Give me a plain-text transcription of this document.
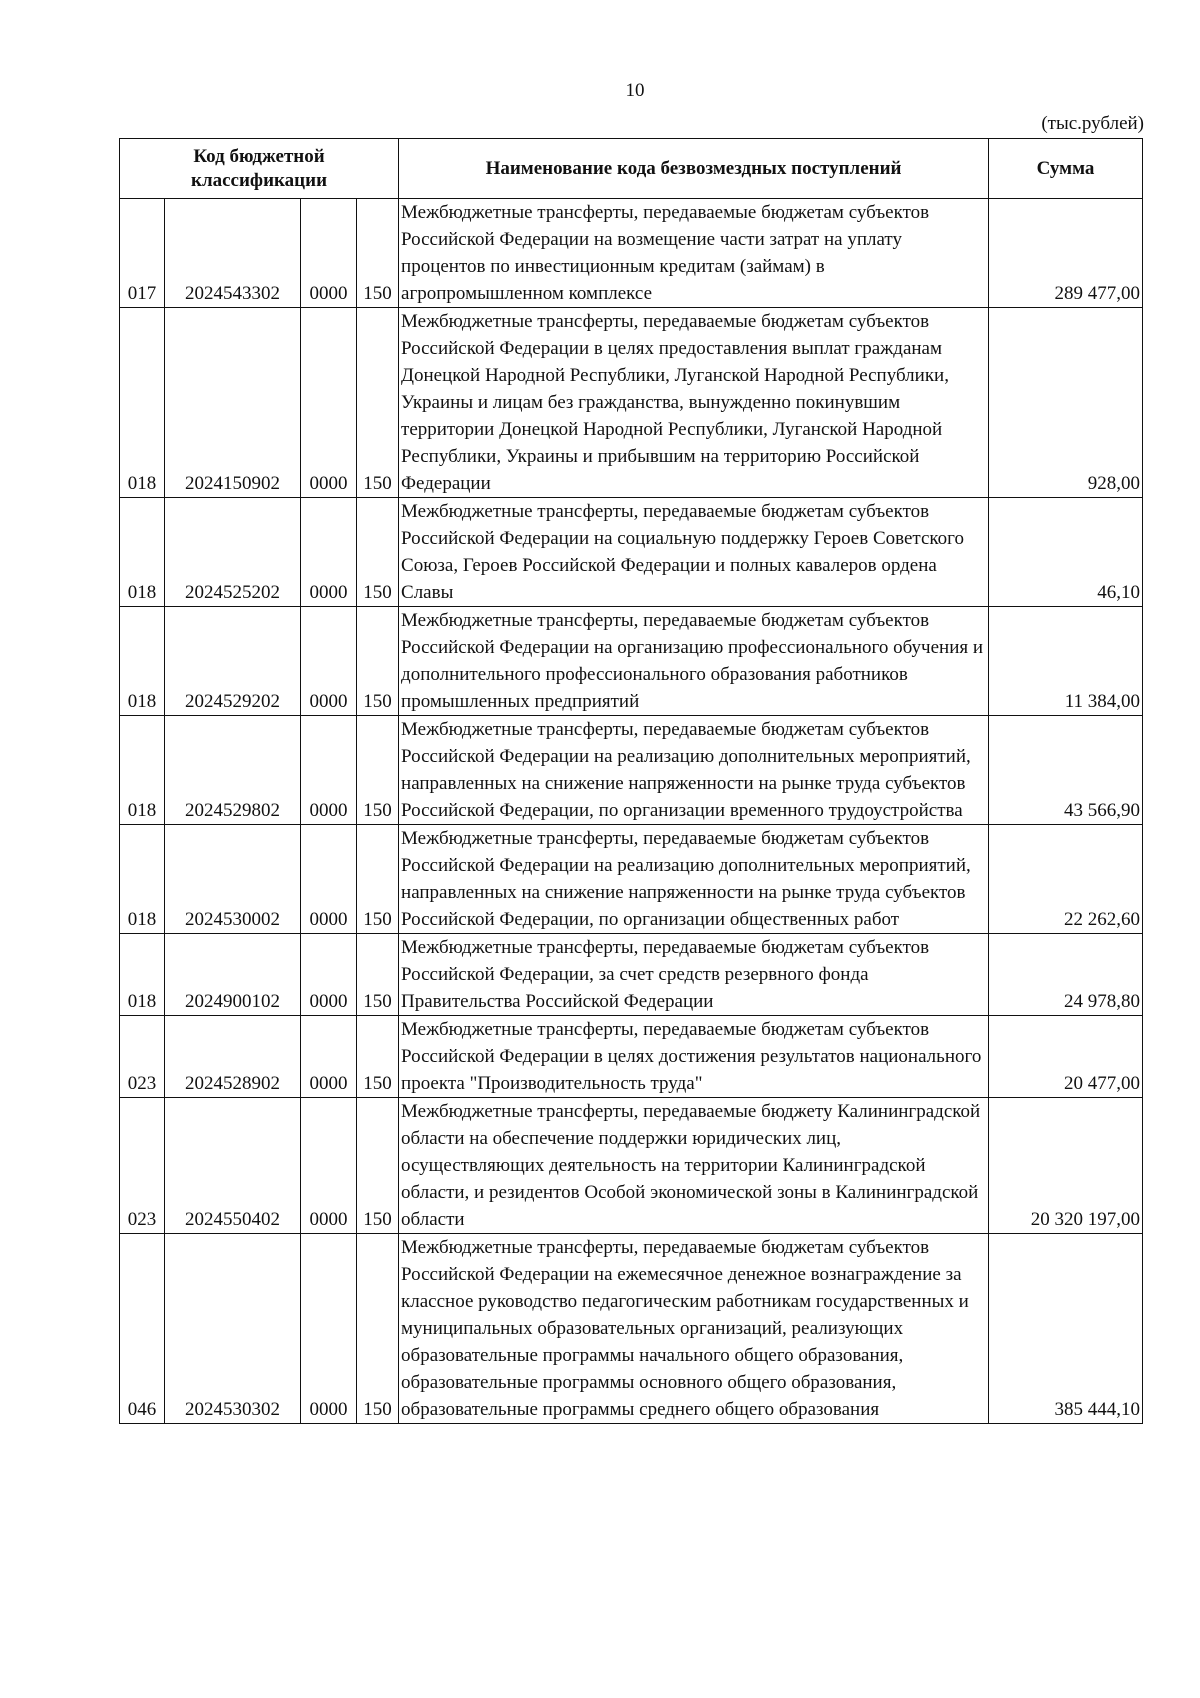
10
(тыс.рублей)
Код бюджетной классификации				Наименование кода безвозмездных поступлений	Сумма
017	2024543302	0000	150	Межбюджетные трансферты, передаваемые бюджетам субъектов Российской Федерации на возмещение части затрат на уплату процентов по инвестиционным кредитам (займам) в агропромышленном комплексе	289 477,00
018	2024150902	0000	150	Межбюджетные трансферты, передаваемые бюджетам субъектов Российской Федерации в целях предоставления выплат гражданам Донецкой Народной Республики, Луганской Народной Республики, Украины и лицам без гражданства, вынужденно покинувшим территории Донецкой Народной Республики, Луганской Народной Республики, Украины и прибывшим на территорию Российской Федерации	928,00
018	2024525202	0000	150	Межбюджетные трансферты, передаваемые бюджетам субъектов Российской Федерации на социальную поддержку Героев Советского Союза, Героев Российской Федерации и полных кавалеров ордена Славы	46,10
018	2024529202	0000	150	Межбюджетные трансферты, передаваемые бюджетам субъектов Российской Федерации на организацию профессионального обучения и дополнительного профессионального образования работников промышленных предприятий	11 384,00
018	2024529802	0000	150	Межбюджетные трансферты, передаваемые бюджетам субъектов Российской Федерации на реализацию дополнительных мероприятий, направленных на снижение напряженности на рынке труда субъектов Российской Федерации, по организации временного трудоустройства	43 566,90
018	2024530002	0000	150	Межбюджетные трансферты, передаваемые бюджетам субъектов Российской Федерации на реализацию дополнительных мероприятий, направленных на снижение напряженности на рынке труда субъектов Российской Федерации, по организации общественных работ	22 262,60
018	2024900102	0000	150	Межбюджетные трансферты, передаваемые бюджетам субъектов Российской Федерации, за счет средств резервного фонда Правительства Российской Федерации	24 978,80
023	2024528902	0000	150	Межбюджетные трансферты, передаваемые бюджетам субъектов Российской Федерации в целях достижения результатов национального проекта "Производительность труда"	20 477,00
023	2024550402	0000	150	Межбюджетные трансферты, передаваемые бюджету Калининградской области на обеспечение поддержки юридических лиц, осуществляющих деятельность на территории Калининградской области, и резидентов Особой экономической зоны в Калининградской области	20 320 197,00
046	2024530302	0000	150	Межбюджетные трансферты, передаваемые бюджетам субъектов Российской Федерации на ежемесячное денежное вознаграждение за классное руководство педагогическим работникам государственных и муниципальных образовательных организаций, реализующих образовательные программы начального общего образования, образовательные программы основного общего образования, образовательные программы среднего общего образования	385 444,10
